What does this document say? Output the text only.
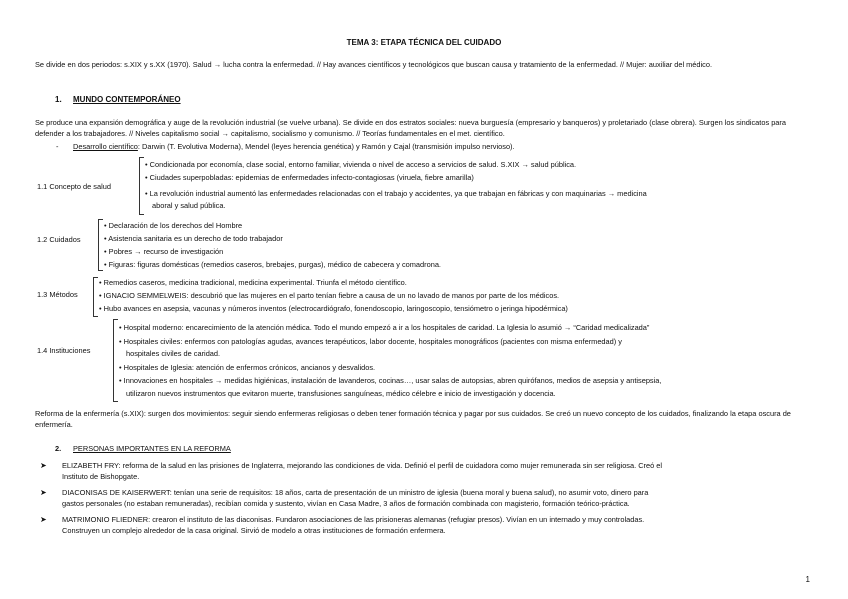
TEMA 3: ETAPA TÉCNICA DEL CUIDADO
Se divide en dos periodos: s.XIX y s.XX (1970). Salud → lucha contra la enfermedad. // Hay avances científicos y tecnológicos que buscan causa y tratamiento de la enfermedad. // Mujer: auxiliar del médico.
1. MUNDO CONTEMPORÁNEO
Se produce una expansión demográfica y auge de la revolución industrial (se vuelve urbana). Se divide en dos estratos sociales: nueva burguesía (empresario y banqueros) y proletariado (clase obrera). Surgen los sindicatos para defender a los trabajadores. // Niveles capitalismo social → capitalismo, socialismo y comunismo. // Teorías fundamentales en el met. científico.
- Desarrollo científico: Darwin (T. Evolutiva Moderna), Mendel (leyes herencia genética) y Ramón y Cajal (transmisión impulso nervioso).
1.1 Concepto de salud
• Condicionada por economía, clase social, entorno familiar, vivienda o nivel de acceso a servicios de salud. S.XIX → salud pública.
• Ciudades superpobladas: epidemias de enfermedades infecto-contagiosas (viruela, fiebre amarilla)
• La revolución industrial aumentó las enfermedades relacionadas con el trabajo y accidentes, ya que trabajan en fábricas y con maquinarias → medicina
aboral y salud pública.
1.2 Cuidados
• Declaración de los derechos del Hombre
• Asistencia sanitaria es un derecho de todo trabajador
• Pobres → recurso de investigación
• Figuras: figuras domésticas (remedios caseros, brebajes, purgas), médico de cabecera y comadrona.
1.3 Métodos
• Remedios caseros, medicina tradicional, medicina experimental. Triunfa el método científico.
• IGNACIO SEMMELWEIS: descubrió que las mujeres en el parto tenían fiebre a causa de un no lavado de manos por parte de los médicos.
• Hubo avances en asepsia, vacunas y números inventos (electrocardiógrafo, fonendoscopio, laringoscopio, tensiómetro o jeringa hipodérmica)
1.4 Instituciones
• Hospital moderno: encarecimiento de la atención médica. Todo el mundo empezó a ir a los hospitales de caridad. La Iglesia lo asumió → “Caridad medicalizada”
• Hospitales civiles: enfermos con patologías agudas, avances terapéuticos, labor docente, hospitales monográficos (pacientes con misma enfermedad) y
hospitales civiles de caridad.
• Hospitales de Iglesia: atención de enfermos crónicos, ancianos y desvalidos.
• Innovaciones en hospitales → medidas higiénicas, instalación de lavanderos, cocinas…, usar salas de autopsias, abren quirófanos, medios de asepsia y antisepsia,
utilizaron nuevos instrumentos que evitaron muerte, transfusiones sanguíneas, médico célebre e inicio de investigación y docencia.
Reforma de la enfermería (s.XIX): surgen dos movimientos: seguir siendo enfermeras religiosas o deben tener formación técnica y pagar por sus cuidados. Se creó un nuevo concepto de los cuidados, finalizando la etapa oscura de enfermería.
2. PERSONAS IMPORTANTES EN LA REFORMA
➤ ELIZABETH FRY: reforma de la salud en las prisiones de Inglaterra, mejorando las condiciones de vida. Definió el perfil de cuidadora como mujer remunerada sin ser religiosa. Creó el
Instituto de Bishopgate.
➤ DIACONISAS DE KAISERWERT: tenían una serie de requisitos: 18 años, carta de presentación de un ministro de iglesia (buena moral y buena salud), no asumir voto, dinero para
gastos personales (no estaban remuneradas), recibían comida y sustento, vivían en Casa Madre, 3 años de formación combinada con magisterio, formación teórico-práctica.
➤ MATRIMONIO FLIEDNER: crearon el instituto de las diaconisas. Fundaron asociaciones de las prisioneras alemanas (refugiar presos). Vivían en un internado y muy controladas.
Construyen un complejo alrededor de la casa original. Sirvió de modelo a otras instituciones de formación enfermera.
1
